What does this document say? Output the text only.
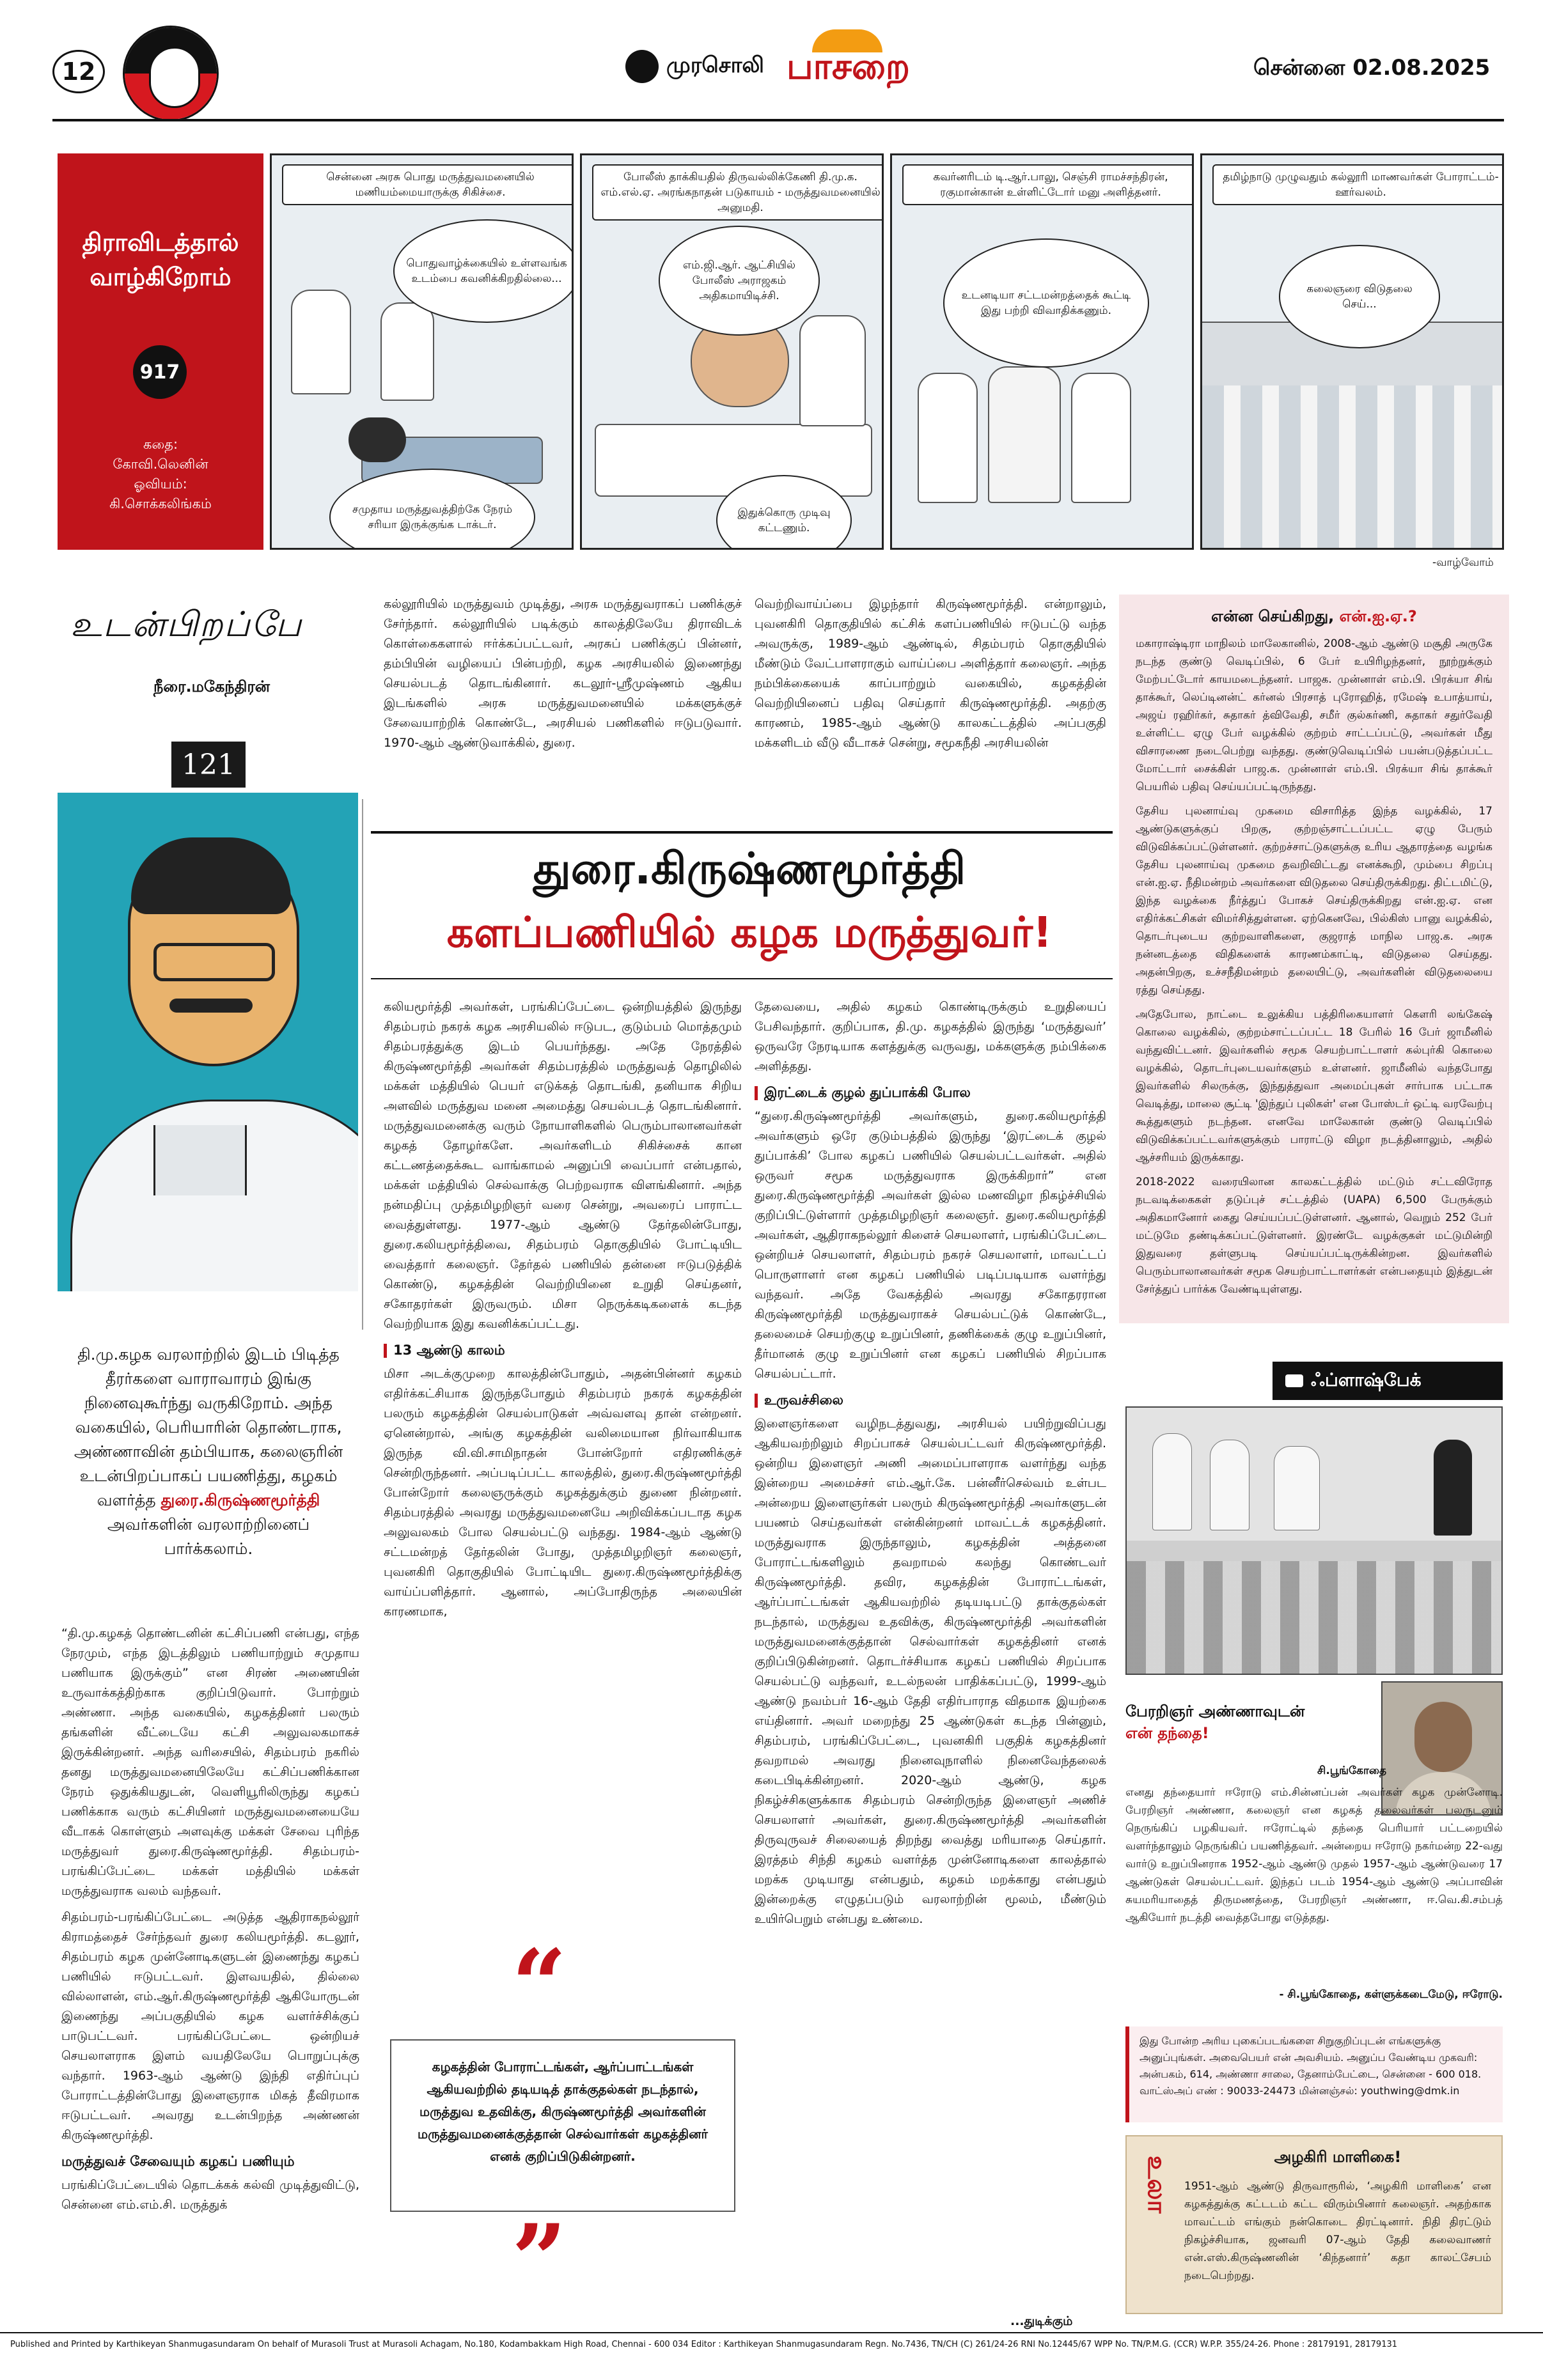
12	முரசொலி பாசறை	சென்னை 02.08.2025
திராவிடத்தால் வாழ்கிறோம்
917
கதை:
கோவி.லெனின்
ஓவியம்:
கி.சொக்கலிங்கம்
சென்னை அரசு பொது மருத்துவமனையில் மணியம்மையாருக்கு சிகிச்சை.
பொதுவாழ்க்கையில் உள்ளவங்க உடம்பை கவனிக்கிறதில்லை...
சமுதாய மருத்துவத்திற்கே நேரம் சரியா இருக்குங்க டாக்டர்.
போலீஸ் தாக்கியதில் திருவல்லிக்கேணி தி.மு.க. எம்.எல்.ஏ. அரங்கநாதன் படுகாயம் - மருத்துவமனையில் அனுமதி.
எம்.ஜி.ஆர். ஆட்சியில் போலீஸ் அராஜகம் அதிகமாயிடிச்சி.
இதுக்கொரு முடிவு கட்டணும்.
கவர்னரிடம் டி.ஆர்.பாலு, செஞ்சி ராமச்சந்திரன், ரகுமான்கான் உள்ளிட்டோர் மனு அளித்தனர்.
உடனடியா சட்டமன்றத்தைக் கூட்டி இது பற்றி விவாதிக்கணும்.
தமிழ்நாடு முழுவதும் கல்லூரி மாணவர்கள் போராட்டம்-ஊர்வலம்.
கலைஞரை விடுதலை செய்...
-வாழ்வோம்
உடன்பிறப்பே
நீரை.மகேந்திரன்
121
துரை.கிருஷ்ணமூர்த்தி
களப்பணியில் கழக மருத்துவர்!
தி.மு.கழக வரலாற்றில் இடம் பிடித்த தீரர்களை வாராவாரம் இங்கு நினைவுகூர்ந்து வருகிறோம். அந்த வகையில், பெரியாரின் தொண்டராக, அண்ணாவின் தம்பியாக, கலைஞரின் உடன்பிறப்பாகப் பயணித்து, கழகம் வளர்த்த துரை.கிருஷ்ணமூர்த்தி அவர்களின் வரலாற்றினைப் பார்க்கலாம்.

“தி.மு.கழகத் தொண்டனின் கட்சிப்பணி என்பது, எந்த நேரமும், எந்த இடத்திலும் பணியாற்றும் சமுதாய பணியாக இருக்கும்” என சிரண் அணையின் உருவாக்கத்திற்காக குறிப்பிடுவார். போற்றும் அண்ணா. அந்த வகையில், கழகத்தினர் பலரும் தங்களின் வீட்டையே கட்சி அலுவலகமாகச் இருக்கின்றனர். அந்த வரிசையில், சிதம்பரம் நகரில் தனது மருத்துவமனையிலேயே கட்சிப்பணிக்கான நேரம் ஒதுக்கியதுடன், வெளியூரிலிருந்து கழகப் பணிக்காக வரும் கட்சியினர் மருத்துவமனையையே வீடாகக் கொள்ளும் அளவுக்கு மக்கள் சேவை புரிந்த மருத்துவர் துரை.கிருஷ்ணமூர்த்தி. சிதம்பரம்-பரங்கிப்பேட்டை மக்கள் மத்தியில் மக்கள் மருத்துவராக வலம் வந்தவர்.

சிதம்பரம்-பரங்கிப்பேட்டை அடுத்த ஆதிராகநல்லூர் கிராமத்தைச் சேர்ந்தவர் துரை கலியமூர்த்தி. கடலூர், சிதம்பரம் கழக முன்னோடிகளுடன் இணைந்து கழகப் பணியில் ஈடுபட்டவர். இளவயதில், தில்லை வில்லாளன், எம்.ஆர்.கிருஷ்ணமூர்த்தி ஆகியோருடன் இணைந்து அப்பகுதியில் கழக வளர்ச்சிக்குப் பாடுபட்டவர். பரங்கிப்பேட்டை ஒன்றியச் செயலாளராக இளம் வயதிலேயே பொறுப்புக்கு வந்தார். 1963-ஆம் ஆண்டு இந்தி எதிர்ப்புப் போராட்டத்தின்போது இளைஞராக மிகத் தீவிரமாக ஈடுபட்டவர். அவரது உடன்பிறந்த அண்ணன் கிருஷ்ணமூர்த்தி.

மருத்துவச் சேவையும் கழகப் பணியும்

பரங்கிப்பேட்டையில் தொடக்கக் கல்வி முடித்துவிட்டு, சென்னை எம்.எம்.சி. மருத்துக்

கல்லூரியில் மருத்துவம் முடித்து, அரசு மருத்துவராகப் பணிக்குச் சேர்ந்தார். கல்லூரியில் படிக்கும் காலத்திலேயே திராவிடக் கொள்கைகளால் ஈர்க்கப்பட்டவர், அரசுப் பணிக்குப் பின்னர், தம்பியின் வழியைப் பின்பற்றி, கழக அரசியலில் இணைந்து செயல்படத் தொடங்கினார். கடலூர்-ஸ்ரீமுஷ்ணம் ஆகிய இடங்களில் அரசு மருத்துவமனையில் மக்களுக்குச் சேவையாற்றிக் கொண்டே, அரசியல் பணிகளில் ஈடுபடுவார். 1970-ஆம் ஆண்டுவாக்கில், துரை.

வெற்றிவாய்ப்பை இழந்தார் கிருஷ்ணமூர்த்தி. என்றாலும், புவனகிரி தொகுதியில் கட்சிக் களப்பணியில் ஈடுபட்டு வந்த அவருக்கு, 1989-ஆம் ஆண்டில், சிதம்பரம் தொகுதியில் மீண்டும் வேட்பாளராகும் வாய்ப்பை அளித்தார் கலைஞர். அந்த நம்பிக்கையைக் காப்பாற்றும் வகையில், கழகத்தின் வெற்றியினைப் பதிவு செய்தார் கிருஷ்ணமூர்த்தி. அதற்கு காரணம், 1985-ஆம் ஆண்டு காலகட்டத்தில் அப்பகுதி மக்களிடம் வீடு வீடாகச் சென்று, சமூகநீதி அரசியலின்

கலியமூர்த்தி அவர்கள், பரங்கிப்பேட்டை ஒன்றியத்தில் இருந்து சிதம்பரம் நகரக் கழக அரசியலில் ஈடுபட, குடும்பம் மொத்தமும் சிதம்பரத்துக்கு இடம் பெயர்ந்தது. அதே நேரத்தில் கிருஷ்ணமூர்த்தி அவர்கள் சிதம்பரத்தில் மருத்துவத் தொழிலில் மக்கள் மத்தியில் பெயர் எடுக்கத் தொடங்கி, தனியாக சிறிய அளவில் மருத்துவ மனை அமைத்து செயல்படத் தொடங்கினார். மருத்துவமனைக்கு வரும் நோயாளிகளில் பெரும்பாலானவர்கள் கழகத் தோழர்களே. அவர்களிடம் சிகிச்சைக் கான கட்டணத்தைக்கூட வாங்காமல் அனுப்பி வைப்பார் என்பதால், மக்கள் மத்தியில் செல்வாக்கு பெற்றவராக விளங்கினார். அந்த நன்மதிப்பு முத்தமிழறிஞர் வரை சென்று, அவரைப் பாராட்ட வைத்துள்ளது. 1977-ஆம் ஆண்டு தேர்தலின்போது, துரை.கலியமூர்த்திவை, சிதம்பரம் தொகுதியில் போட்டியிட வைத்தார் கலைஞர். தேர்தல் பணியில் தன்னை ஈடுபடுத்திக் கொண்டு, கழகத்தின் வெற்றியினை உறுதி செய்தனர், சகோதரர்கள் இருவரும். மிசா நெருக்கடிகளைக் கடந்த வெற்றியாக இது கவனிக்கப்பட்டது.

13 ஆண்டு காலம்

மிசா அடக்குமுறை காலத்தின்போதும், அதன்பின்னர் கழகம் எதிர்க்கட்சியாக இருந்தபோதும் சிதம்பரம் நகரக் கழகத்தின் பலரும் கழகத்தின் செயல்பாடுகள் அவ்வளவு தான் என்றனர். ஏனென்றால், அங்கு கழகத்தின் வலிமையான நிர்வாகியாக இருந்த வி.வி.சாமிநாதன் போன்றோர் எதிரணிக்குச் சென்றிருந்தனர். அப்படிப்பட்ட காலத்தில், துரை.கிருஷ்ணமூர்த்தி போன்றோர் கலைஞருக்கும் கழகத்துக்கும் துணை நின்றனர். சிதம்பரத்தில் அவரது மருத்துவமனையே அறிவிக்கப்படாத கழக அலுவலகம் போல செயல்பட்டு வந்தது. 1984-ஆம் ஆண்டு சட்டமன்றத் தேர்தலின் போது, முத்தமிழறிஞர் கலைஞர், புவனகிரி தொகுதியில் போட்டியிட துரை.கிருஷ்ணமூர்த்திக்கு வாய்ப்பளித்தார். ஆனால், அப்போதிருந்த அலையின் காரணமாக,

“
கழகத்தின் போராட்டங்கள், ஆர்ப்பாட்டங்கள் ஆகியவற்றில் தடியடித் தாக்குதல்கள் நடந்தால், மருத்துவ உதவிக்கு, கிருஷ்ணமூர்த்தி அவர்களின் மருத்துவமனைக்குத்தான் செல்வார்கள் கழகத்தினர் எனக் குறிப்பிடுகின்றனர்.
”

தேவையை, அதில் கழகம் கொண்டிருக்கும் உறுதியைப் பேசிவந்தார். குறிப்பாக, தி.மு. கழகத்தில் இருந்து ‘மருத்துவர்’ ஒருவரே நேரடியாக களத்துக்கு வருவது, மக்களுக்கு நம்பிக்கை அளித்தது.

இரட்டைக் குழல் துப்பாக்கி போல

“துரை.கிருஷ்ணமூர்த்தி அவர்களும், துரை.கலியமூர்த்தி அவர்களும் ஒரே குடும்பத்தில் இருந்து ‘இரட்டைக் குழல் துப்பாக்கி’ போல கழகப் பணியில் செயல்பட்டவர்கள். அதில் ஒருவர் சமூக மருத்துவராக இருக்கிறார்” என துரை.கிருஷ்ணமூர்த்தி அவர்கள் இல்ல மணவிழா நிகழ்ச்சியில் குறிப்பிட்டுள்ளார் முத்தமிழறிஞர் கலைஞர். துரை.கலியமூர்த்தி அவர்கள், ஆதிராகநல்லூர் கிளைச் செயலாளர், பரங்கிப்பேட்டை ஒன்றியச் செயலாளர், சிதம்பரம் நகரச் செயலாளர், மாவட்டப் பொருளாளர் என கழகப் பணியில் படிப்படியாக வளர்ந்து வந்தவர். அதே வேகத்தில் அவரது சகோதரரான கிருஷ்ணமூர்த்தி மருத்துவராகச் செயல்பட்டுக் கொண்டே, தலைமைச் செயற்குழு உறுப்பினர், தணிக்கைக் குழு உறுப்பினர், தீர்மானக் குழு உறுப்பினர் என கழகப் பணியில் சிறப்பாக செயல்பட்டார்.

உருவச்சிலை

இளைஞர்களை வழிநடத்துவது, அரசியல் பயிற்றுவிப்பது ஆகியவற்றிலும் சிறப்பாகச் செயல்பட்டவர் கிருஷ்ணமூர்த்தி. ஒன்றிய இளைஞர் அணி அமைப்பாளராக வளர்ந்து வந்த இன்றைய அமைச்சர் எம்.ஆர்.கே. பன்னீர்செல்வம் உள்பட அன்றைய இளைஞர்கள் பலரும் கிருஷ்ணமூர்த்தி அவர்களுடன் பயணம் செய்தவர்கள் என்கின்றனர் மாவட்டக் கழகத்தினர். மருத்துவராக இருந்தாலும், கழகத்தின் அத்தனை போராட்டங்களிலும் தவறாமல் கலந்து கொண்டவர் கிருஷ்ணமூர்த்தி. தவிர, கழகத்தின் போராட்டங்கள், ஆர்ப்பாட்டங்கள் ஆகியவற்றில் தடியடிபட்டு தாக்குதல்கள் நடந்தால், மருத்துவ உதவிக்கு, கிருஷ்ணமூர்த்தி அவர்களின் மருத்துவமனைக்குத்தான் செல்வார்கள் கழகத்தினர் எனக் குறிப்பிடுகின்றனர். தொடர்ச்சியாக கழகப் பணியில் சிறப்பாக செயல்பட்டு வந்தவர், உடல்நலன் பாதிக்கப்பட்டு, 1999-ஆம் ஆண்டு நவம்பர் 16-ஆம் தேதி எதிர்பாராத விதமாக இயற்கை எய்தினார். அவர் மறைந்து 25 ஆண்டுகள் கடந்த பின்னும், சிதம்பரம், பரங்கிப்பேட்டை, புவனகிரி பகுதிக் கழகத்தினர் தவறாமல் அவரது நினைவுநாளில் நினைவேந்தலைக் கடைபிடிக்கின்றனர். 2020-ஆம் ஆண்டு, கழக நிகழ்ச்சிகளுக்காக சிதம்பரம் சென்றிருந்த இளைஞர் அணிச் செயலாளர் அவர்கள், துரை.கிருஷ்ணமூர்த்தி அவர்களின் திருவுருவச் சிலையைத் திறந்து வைத்து மரியாதை செய்தார். இரத்தம் சிந்தி கழகம் வளர்த்த முன்னோடிகளை காலத்தால் மறக்க முடியாது என்பதும், கழகம் மறக்காது என்பதும் இன்றைக்கு எழுதப்படும் வரலாற்றின் மூலம், மீண்டும் உயிர்பெறும் என்பது உண்மை.

...துடிக்கும்
என்ன செய்கிறது, என்.ஐ.ஏ.?

மகாராஷ்டிரா மாநிலம் மாலேகானில், 2008-ஆம் ஆண்டு மசூதி அருகே நடந்த குண்டு வெடிப்பில், 6 பேர் உயிரிழந்தனர், நூற்றுக்கும் மேற்பட்டோர் காயமடைந்தனர். பாஜக. முன்னாள் எம்.பி. பிரக்யா சிங் தாக்கூர், லெப்டினன்ட் கர்னல் பிரசாத் புரோஹித், ரமேஷ் உபாத்யாய், அஜய் ரஹிர்கர், சுதாகர் த்விவேதி, சமீர் குல்கர்ணி, சுதாகர் சதுர்வேதி உள்ளிட்ட ஏழு பேர் வழக்கில் குற்றம் சாட்டப்பட்டு, அவர்கள் மீது விசாரணை நடைபெற்று வந்தது. குண்டுவெடிப்பில் பயன்படுத்தப்பட்ட மோட்டார் சைக்கிள் பாஜ.க. முன்னாள் எம்.பி. பிரக்யா சிங் தாக்கூர் பெயரில் பதிவு செய்யப்பட்டிருந்தது.

தேசிய புலனாய்வு முகமை விசாரித்த இந்த வழக்கில், 17 ஆண்டுகளுக்குப் பிறகு, குற்றஞ்சாட்டப்பட்ட ஏழு பேரும் விடுவிக்கப்பட்டுள்ளனர். குற்றச்சாட்டுகளுக்கு உரிய ஆதாரத்தை வழங்க தேசிய புலனாய்வு முகமை தவறிவிட்டது எனக்கூறி, மும்பை சிறப்பு என்.ஐ.ஏ. நீதிமன்றம் அவர்களை விடுதலை செய்திருக்கிறது. திட்டமிட்டு, இந்த வழக்கை நீர்த்துப் போகச் செய்திருக்கிறது என்.ஐ.ஏ. என எதிர்க்கட்சிகள் விமர்சித்துள்ளன. ஏற்கெனவே, பில்கிஸ் பானு வழக்கில், தொடர்புடைய குற்றவாளிகளை, குஜராத் மாநில பாஜ.க. அரசு நன்னடத்தை விதிகளைக் காரணம்காட்டி, விடுதலை செய்தது. அதன்பிறகு, உச்சநீதிமன்றம் தலையிட்டு, அவர்களின் விடுதலையை ரத்து செய்தது.

அதேபோல, நாட்டை உலுக்கிய பத்திரிகையாளர் கௌரி லங்கேஷ் கொலை வழக்கில், குற்றம்சாட்டப்பட்ட 18 பேரில் 16 பேர் ஜாமீனில் வந்துவிட்டனர். இவர்களில் சமூக செயற்பாட்டாளர் கல்புர்கி கொலை வழக்கில், தொடர்புடையவர்களும் உள்ளனர். ஜாமீனில் வந்தபோது இவர்களில் சிலருக்கு, இந்துத்துவா அமைப்புகள் சார்பாக பட்டாசு வெடித்து, மாலை சூட்டி 'இந்துப் புலிகள்' என போஸ்டர் ஒட்டி வரவேற்பு கூத்துகளும் நடந்தன. எனவே மாலேகான் குண்டு வெடிப்பில் விடுவிக்கப்பட்டவர்களுக்கும் பாராட்டு விழா நடத்தினாலும், அதில் ஆச்சரியம் இருக்காது.

2018-2022 வரையிலான காலகட்டத்தில் மட்டும் சட்டவிரோத நடவடிக்கைகள் தடுப்புச் சட்டத்தில் (UAPA) 6,500 பேருக்கும் அதிகமானோர் கைது செய்யப்பட்டுள்ளனர். ஆனால், வெறும் 252 பேர் மட்டுமே தண்டிக்கப்பட்டுள்ளனர். இரண்டே வழக்குகள் மட்டுமின்றி இதுவரை தள்ளுபடி செய்யப்பட்டிருக்கின்றன. இவர்களில் பெரும்பாலானவர்கள் சமூக செயற்பாட்டாளர்கள் என்பதையும் இத்துடன் சேர்த்துப் பார்க்க வேண்டியுள்ளது.

ஃப்ளாஷ்பேக்
பேரறிஞர் அண்ணாவுடன்
என் தந்தை!
சி.பூங்கோதை
எனது தந்தையார் ஈரோடு எம்.சின்னப்பன் அவர்கள் கழக முன்னோடி. பேரறிஞர் அண்ணா, கலைஞர் என கழகத் தலைவர்கள் பலருடனும் நெருங்கிப் பழகியவர். ஈரோட்டில் தந்தை பெரியார் பட்டறையில் வளர்ந்தாலும் நெருங்கிப் பயணித்தவர். அன்றைய ஈரோடு நகர்மன்ற 22-வது வார்டு உறுப்பினராக 1952-ஆம் ஆண்டு முதல் 1957-ஆம் ஆண்டுவரை 17 ஆண்டுகள் செயல்பட்டவர். இந்தப் படம் 1954-ஆம் ஆண்டு அப்பாவின் சுயமரியாதைத் திருமணத்தை, பேரறிஞர் அண்ணா, ஈ.வெ.கி.சம்பத் ஆகியோர் நடத்தி வைத்தபோது எடுத்தது.
- சி.பூங்கோதை, கள்ளுக்கடைமேடு, ஈரோடு.
இது போன்ற அரிய புகைப்படங்களை சிறுகுறிப்புடன் எங்களுக்கு அனுப்புங்கள். அவைபெயர் என் அவசியம். அனுப்ப வேண்டிய முகவரி: அன்பகம், 614, அண்ணா சாலை, தேனாம்பேட்டை, சென்னை - 600 018. வாட்ஸ்அப் எண் : 90033-24473 மின்னஞ்சல்: youthwing@dmk.in
உலா	அழகிரி மாளிகை!
1951-ஆம் ஆண்டு திருவாரூரில், ‘அழகிரி மாளிகை’ என கழகத்துக்கு கட்டடம் கட்ட விரும்பினார் கலைஞர். அதற்காக மாவட்டம் எங்கும் நன்கொடை திரட்டினார். நிதி திரட்டும் நிகழ்ச்சியாக, ஜனவரி 07-ஆம் தேதி கலைவாணர் என்.எஸ்.கிருஷ்ணனின் ‘கிந்தனார்’ கதா காலட்சேபம் நடைபெற்றது.
Published and Printed by Karthikeyan Shanmugasundaram On behalf of Murasoli Trust at Murasoli Achagam, No.180, Kodambakkam High Road, Chennai - 600 034 Editor : Karthikeyan Shanmugasundaram Regn. No.7436, TN/CH (C) 261/24-26 RNI No.12445/67 WPP No. TN/P.M.G. (CCR) W.P.P. 355/24-26. Phone : 28179191, 28179131
